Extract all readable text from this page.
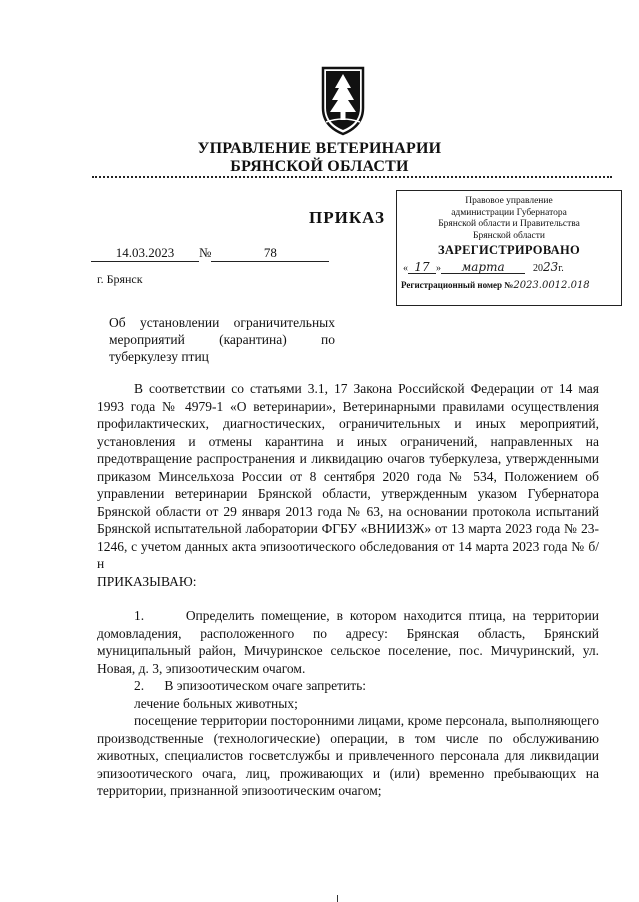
УПРАВЛЕНИЕ ВЕТЕРИНАРИИ
БРЯНСКОЙ ОБЛАСТИ
ПРИКАЗ
14.03.2023 №	78
г. Брянск
Правовое управление
администрации Губернатора
Брянской области и Правительства
Брянской области
ЗАРЕГИСТРИРОВАНО
« 17 » марта	2023г.
Регистрационный номер №2023.0012.018
Об установлении ограничительных мероприятий (карантина) по туберкулезу птиц

В соответствии со статьями 3.1, 17 Закона Российской Федерации от 14 мая 1993 года № 4979-1 «О ветеринарии», Ветеринарными правилами осуществления профилактических, диагностических, ограничительных и иных мероприятий, установления и отмены карантина и иных ограничений, направленных на предотвращение распространения и ликвидацию очагов туберкулеза, утвержденными приказом Минсельхоза России от 8 сентября 2020 года № 534, Положением об управлении ветеринарии Брянской области, утвержденным указом Губернатора Брянской области от 29 января 2013 года № 63, на основании протокола испытаний Брянской испытательной лаборатории ФГБУ «ВНИИЗЖ» от 13 марта 2023 года № 23-1246, с учетом данных акта эпизоотического обследования от 14 марта 2023 года № б/н

ПРИКАЗЫВАЮ:

1.	Определить помещение, в котором находится птица, на территории домовладения, расположенного по адресу: Брянская область, Брянский муниципальный район, Мичуринское сельское поселение, пос. Мичуринский, ул. Новая, д. 3, эпизоотическим очагом.

2. В эпизоотическом очаге запретить:

лечение больных животных;

посещение территории посторонними лицами, кроме персонала, выполняющего производственные (технологические) операции, в том числе по обслуживанию животных, специалистов госветслужбы и привлеченного персонала для ликвидации эпизоотического очага, лиц, проживающих и (или) временно пребывающих на территории, признанной эпизоотическим очагом;
